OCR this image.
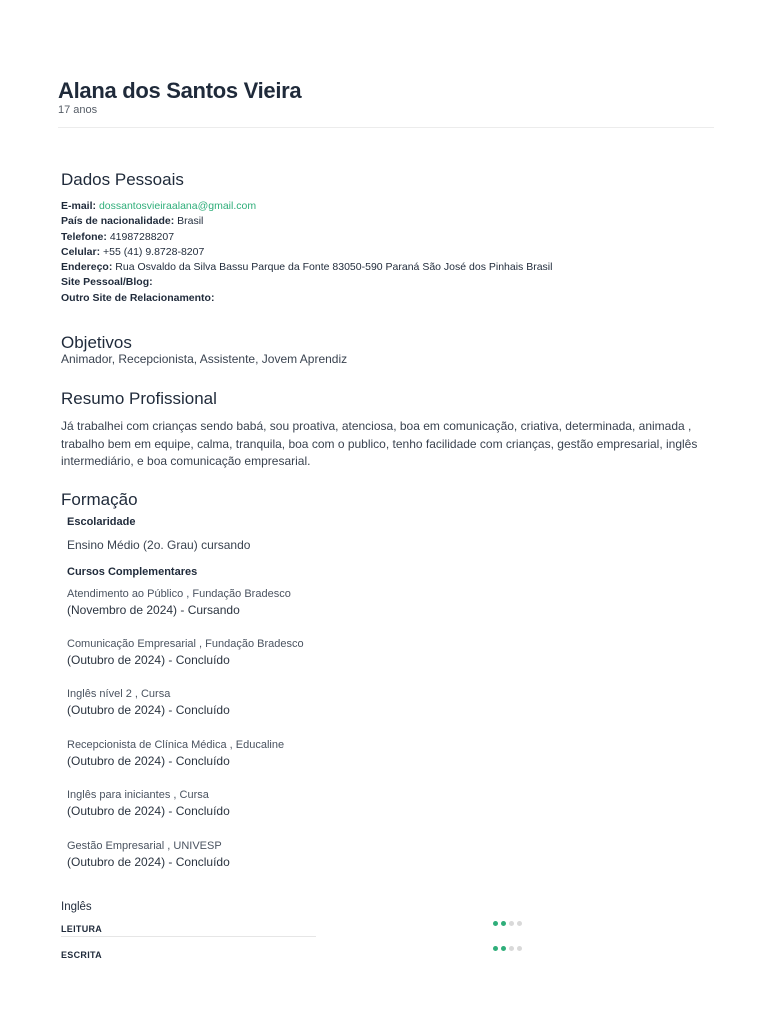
Alana dos Santos Vieira
17 anos
Dados Pessoais
E-mail: dossantosvieiraalana@gmail.com
País de nacionalidade: Brasil
Telefone: 41987288207
Celular: +55 (41) 9.8728-8207
Endereço: Rua Osvaldo da Silva Bassu Parque da Fonte 83050-590 Paraná São José dos Pinhais Brasil
Site Pessoal/Blog:
Outro Site de Relacionamento:
Objetivos
Animador, Recepcionista, Assistente, Jovem Aprendiz
Resumo Profissional
Já trabalhei com crianças sendo babá, sou proativa, atenciosa, boa em comunicação, criativa, determinada, animada , trabalho bem em equipe, calma, tranquila, boa com o publico, tenho facilidade com crianças, gestão empresarial, inglês intermediário, e boa comunicação empresarial.
Formação
Escolaridade
Ensino Médio (2o. Grau) cursando
Cursos Complementares
Atendimento ao Público , Fundação Bradesco
(Novembro de 2024) - Cursando
Comunicação Empresarial , Fundação Bradesco
(Outubro de 2024) - Concluído
Inglês nível 2 , Cursa
(Outubro de 2024) - Concluído
Recepcionista de Clínica Médica , Educaline
(Outubro de 2024) - Concluído
Inglês para iniciantes , Cursa
(Outubro de 2024) - Concluído
Gestão Empresarial , UNIVESP
(Outubro de 2024) - Concluído
Inglês
LEITURA
ESCRITA
